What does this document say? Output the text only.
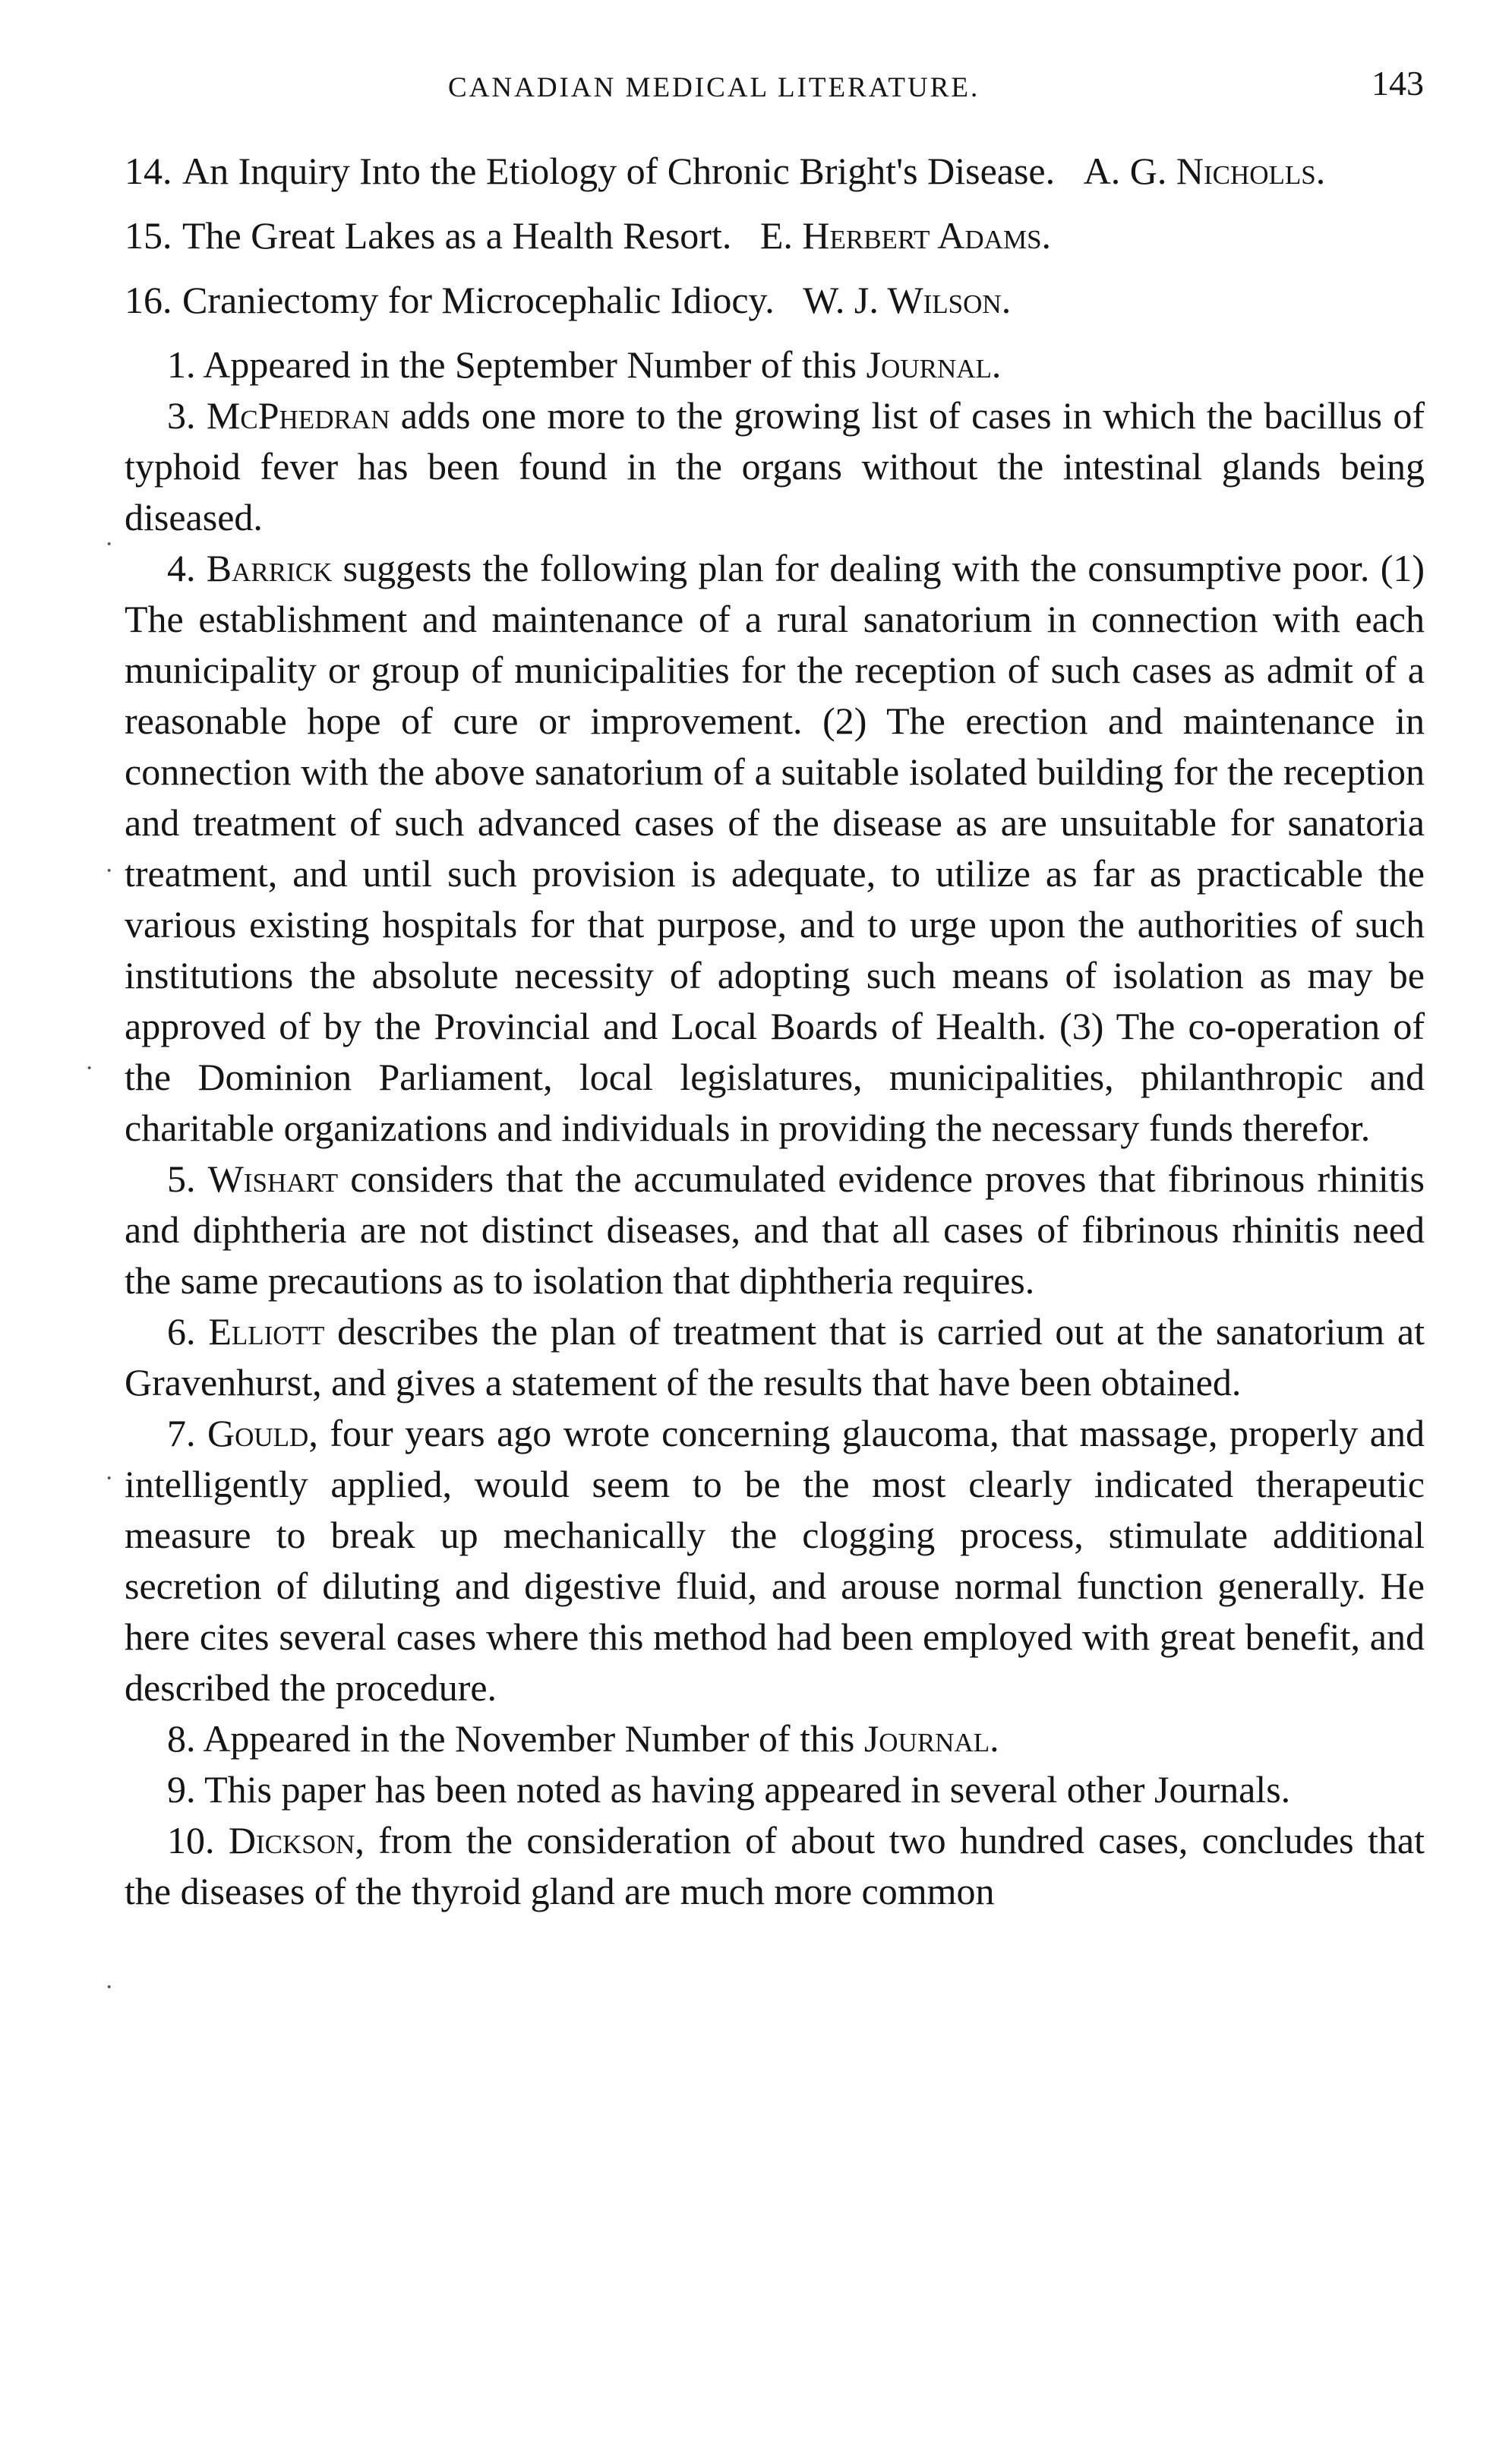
CANADIAN MEDICAL LITERATURE.	143
14. An Inquiry Into the Etiology of Chronic Bright's Disease. A. G. Nicholls.
15. The Great Lakes as a Health Resort. E. Herbert Adams.
16. Craniectomy for Microcephalic Idiocy. W. J. Wilson.

1. Appeared in the September Number of this Journal.

3. McPhedran adds one more to the growing list of cases in which the bacillus of typhoid fever has been found in the organs without the intestinal glands being diseased.

4. Barrick suggests the following plan for dealing with the consumptive poor. (1) The establishment and maintenance of a rural sanatorium in connection with each municipality or group of municipalities for the reception of such cases as admit of a reasonable hope of cure or improvement. (2) The erection and maintenance in connection with the above sanatorium of a suitable isolated building for the reception and treatment of such advanced cases of the disease as are unsuitable for sanatoria treatment, and until such provision is adequate, to utilize as far as practicable the various existing hospitals for that purpose, and to urge upon the authorities of such institutions the absolute necessity of adopting such means of isolation as may be approved of by the Provincial and Local Boards of Health. (3) The co-operation of the Dominion Parliament, local legislatures, municipalities, philanthropic and charitable organizations and individuals in providing the necessary funds therefor.

5. Wishart considers that the accumulated evidence proves that fibrinous rhinitis and diphtheria are not distinct diseases, and that all cases of fibrinous rhinitis need the same precautions as to isolation that diphtheria requires.

6. Elliott describes the plan of treatment that is carried out at the sanatorium at Gravenhurst, and gives a statement of the results that have been obtained.

7. Gould, four years ago wrote concerning glaucoma, that massage, properly and intelligently applied, would seem to be the most clearly indicated therapeutic measure to break up mechanically the clogging process, stimulate additional secretion of diluting and digestive fluid, and arouse normal function generally. He here cites several cases where this method had been employed with great benefit, and described the procedure.

8. Appeared in the November Number of this Journal.

9. This paper has been noted as having appeared in several other Journals.

10. Dickson, from the consideration of about two hundred cases, concludes that the diseases of the thyroid gland are much more common

·
·
·
·
·
